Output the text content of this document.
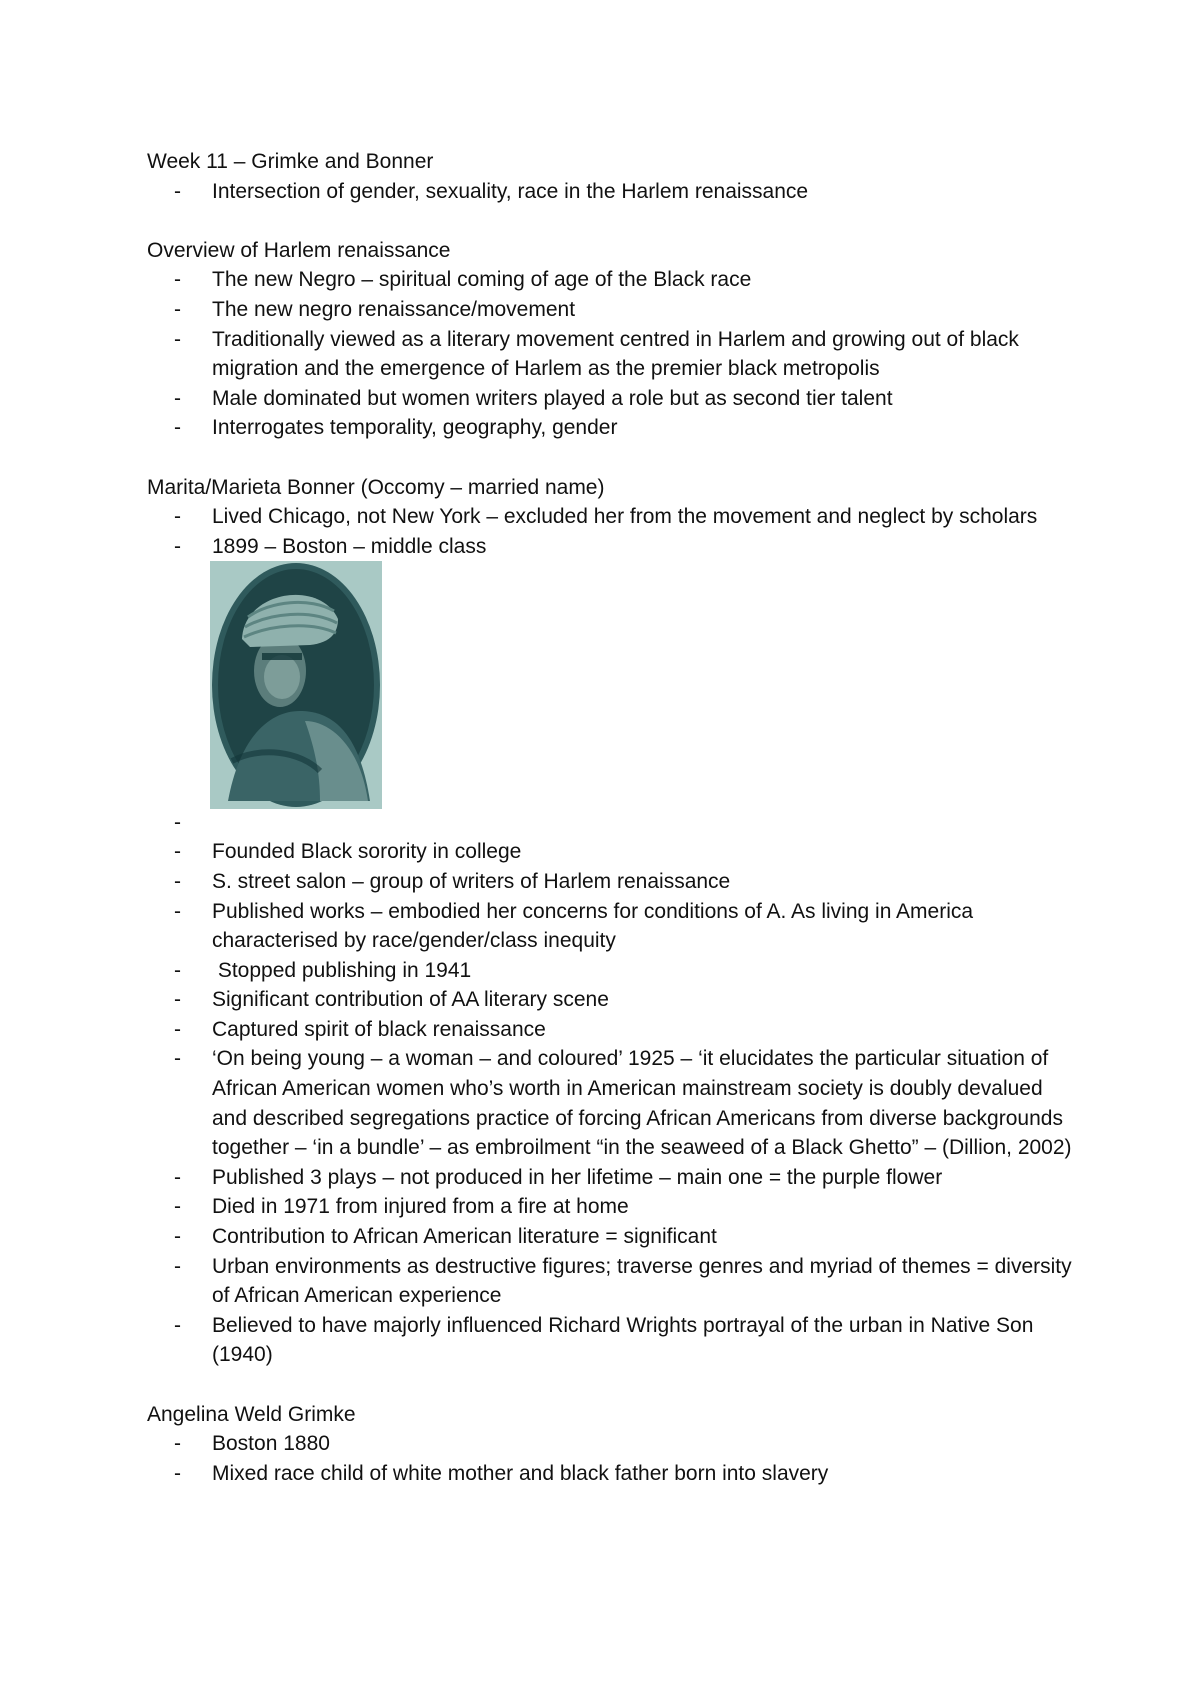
Week 11 – Grimke and Bonner

- Intersection of gender, sexuality, race in the Harlem renaissance

Overview of Harlem renaissance

- The new Negro – spiritual coming of age of the Black race
- The new negro renaissance/movement
- Traditionally viewed as a literary movement centred in Harlem and growing out of black migration and the emergence of Harlem as the premier black metropolis
- Male dominated but women writers played a role but as second tier talent
- Interrogates temporality, geography, gender

Marita/Marieta Bonner (Occomy – married name)

- Lived Chicago, not New York – excluded her from the movement and neglect by scholars
- 1899 – Boston – middle class
-
- Founded Black sorority in college
- S. street salon – group of writers of Harlem renaissance
- Published works – embodied her concerns for conditions of A. As living in America characterised by race/gender/class inequity
- Stopped publishing in 1941
- Significant contribution of AA literary scene
- Captured spirit of black renaissance
- ‘On being young – a woman – and coloured’ 1925 – ‘it elucidates the particular situation of African American women who’s worth in American mainstream society is doubly devalued and described segregations practice of forcing African Americans from diverse backgrounds together – ‘in a bundle’ – as embroilment “in the seaweed of a Black Ghetto” – (Dillion, 2002)
- Published 3 plays – not produced in her lifetime – main one = the purple flower
- Died in 1971 from injured from a fire at home
- Contribution to African American literature = significant
- Urban environments as destructive figures; traverse genres and myriad of themes = diversity of African American experience
- Believed to have majorly influenced Richard Wrights portrayal of the urban in Native Son (1940)

Angelina Weld Grimke

- Boston 1880
- Mixed race child of white mother and black father born into slavery
